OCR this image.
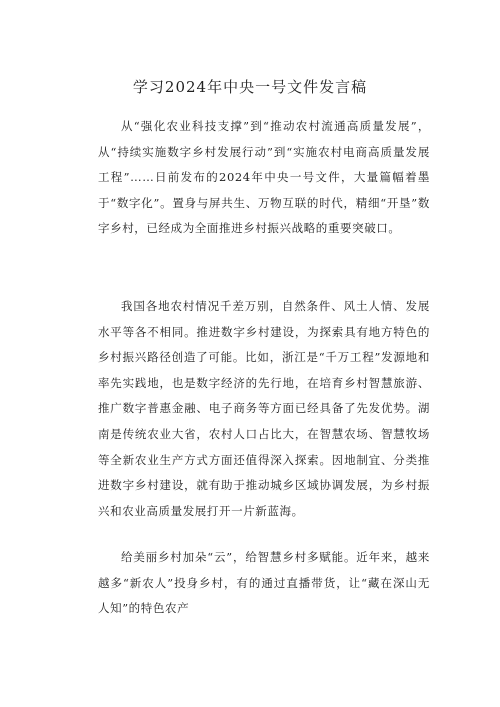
学习2024年中央一号文件发言稿

从“强化农业科技支撑”到“推动农村流通高质量发展”，从“持续实施数字乡村发展行动”到“实施农村电商高质量发展工程”……日前发布的2024年中央一号文件，大量篇幅着墨于“数字化”。置身与屏共生、万物互联的时代，精细“开垦”数字乡村，已经成为全面推进乡村振兴战略的重要突破口。

我国各地农村情况千差万别，自然条件、风土人情、发展水平等各不相同。推进数字乡村建设，为探索具有地方特色的乡村振兴路径创造了可能。比如，浙江是“千万工程”发源地和率先实践地，也是数字经济的先行地，在培育乡村智慧旅游、推广数字普惠金融、电子商务等方面已经具备了先发优势。湖南是传统农业大省，农村人口占比大，在智慧农场、智慧牧场等全新农业生产方式方面还值得深入探索。因地制宜、分类推进数字乡村建设，就有助于推动城乡区域协调发展，为乡村振兴和农业高质量发展打开一片新蓝海。

给美丽乡村加朵“云”，给智慧乡村多赋能。近年来，越来越多“新农人”投身乡村，有的通过直播带货，让“藏在深山无人知”的特色农产
